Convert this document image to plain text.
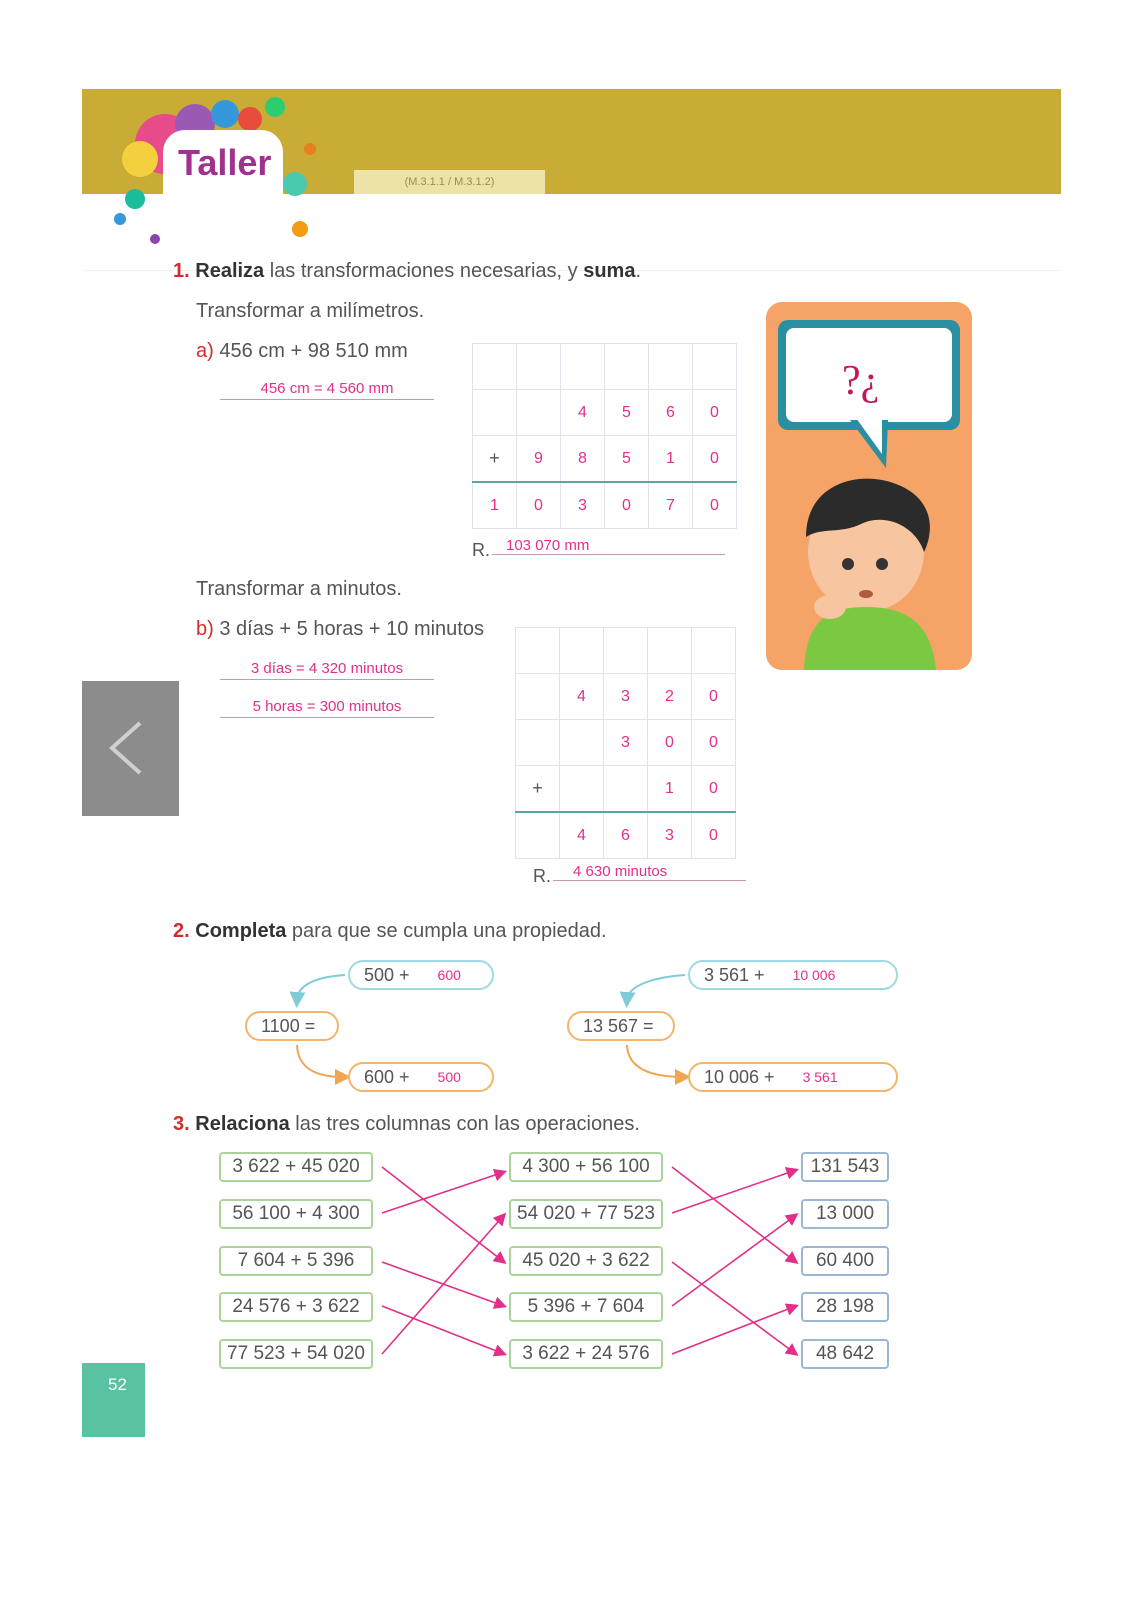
Taller	(M.3.1.1 / M.3.1.2)
1. Realiza las transformaciones necesarias, y suma.
Transformar a milímetros.
a) 456 cm + 98 510 mm
456 cm = 4 560 mm

		4	5	6	0
+	9	8	5	1	0
1	0	3	0	7	0
R.	103 070 mm
?¿
Transformar a minutos.
b) 3 días + 5 horas + 10 minutos
3 días = 4 320 minutos
5 horas = 300 minutos

	4	3	2	0
		3	0	0
+			1	0
	4	6	3	0
R.	4 630 minutos
2. Completa para que se cumpla una propiedad.
500 + 600
1100 =
600 + 500
3 561 + 10 006
13 567 =
10 006 + 3 561
3. Relaciona las tres columnas con las operaciones.
3 622 + 45 020
56 100 + 4 300
7 604 + 5 396
24 576 + 3 622
77 523 + 54 020
4 300 + 56 100
54 020 + 77 523
45 020 + 3 622
5 396 + 7 604
3 622 + 24 576
131 543
13 000
60 400
28 198
48 642
52
